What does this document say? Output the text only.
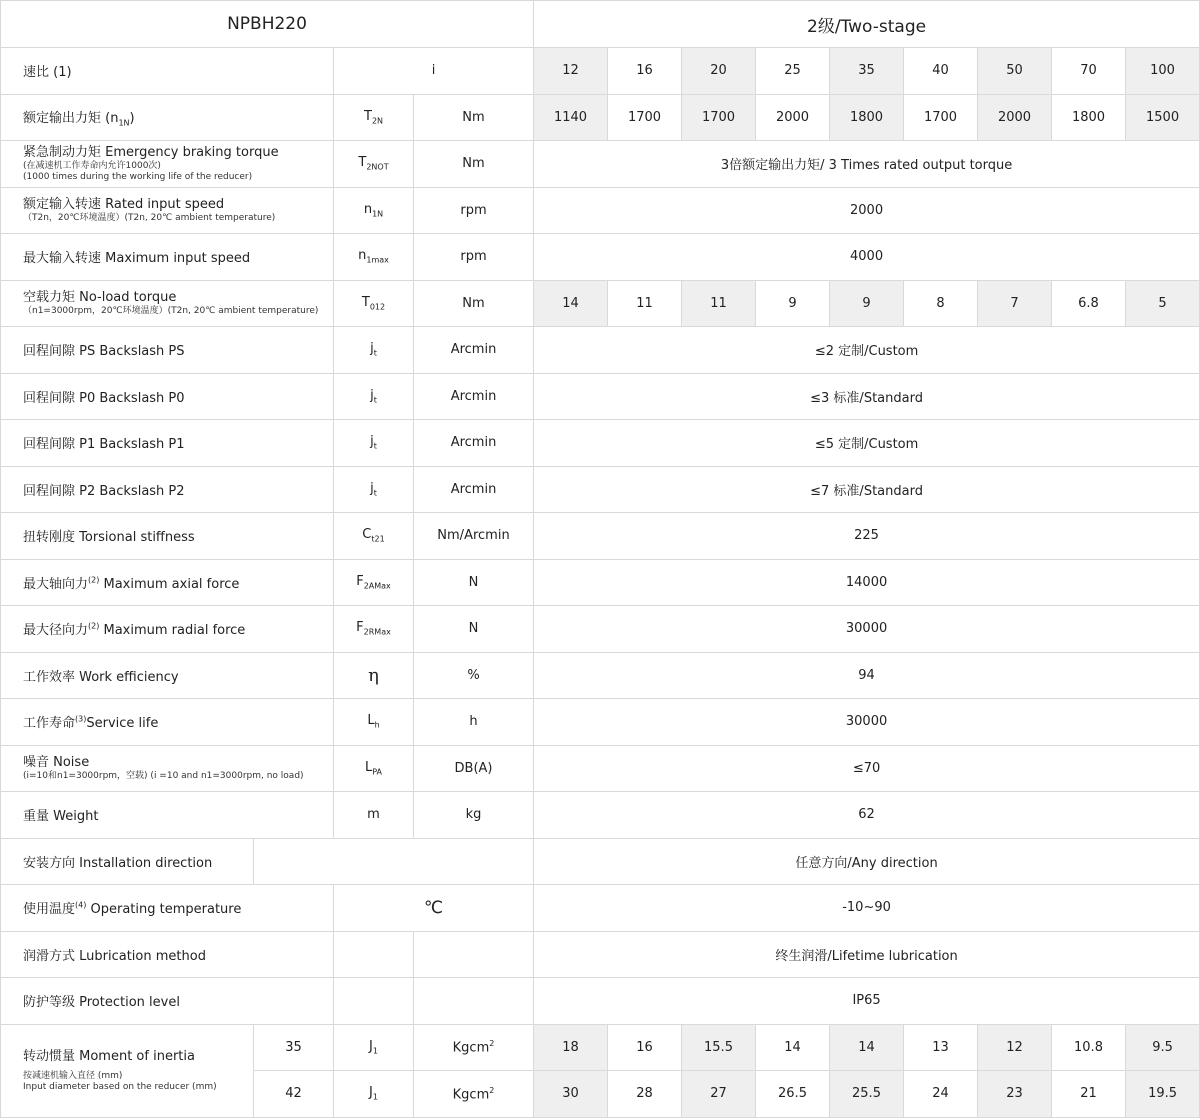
NPBH220				2级/Two-stage								
速比 (1)		i		12	16	20	25	35	40	50	70	100
额定输出力矩 $(n_{1N})$		$T_{2N}$	Nm	1140	1700	1700	2000	1800	1700	2000	1800	1500

紧急制动力矩 Emergency braking torque
(在减速机工作寿命内允许1000次)
(1000 times during the working life of the reducer)		$T_{2NOT}$	Nm	3倍额定输出力矩/ 3 Times rated output torque								

额定输入转速 Rated input speed
（T2n，20℃环境温度）(T2n, 20℃ ambient temperature)		$n_{1N}$	rpm	2000								
最大输入转速 Maximum input speed		$n_{1max}$	rpm	4000								

空载力矩 No-load torque
（n1=3000rpm，20℃环境温度）(T2n, 20℃ ambient temperature)		$T_{012}$	Nm	14	11	11	9	9	8	7	6.8	5
回程间隙 PS Backslash PS		$j_t$	Arcmin	≤2 定制/Custom								
回程间隙 P0 Backslash P0		$j_t$	Arcmin	≤3 标准/Standard								
回程间隙 P1 Backslash P1		$j_t$	Arcmin	≤5 定制/Custom								
回程间隙 P2 Backslash P2		$j_t$	Arcmin	≤7 标准/Standard								
扭转刚度 Torsional stiffness		$C_{t21}$	Nm/Arcmin	225								
最大轴向力$^{(2)}$ Maximum axial force		$F_{2AMax}$	N	14000								
最大径向力$^{(2)}$ Maximum radial force		$F_{2RMax}$	N	30000								
工作效率 Work efficiency		η	%	94								
工作寿命$^{(3)}$Service life		$L_h$	h	30000								

噪音 Noise
(i=10和n1=3000rpm，空载) (i =10 and n1=3000rpm, no load)		$L_{PA}$	DB(A)	≤70								
重量 Weight		m	kg	62								
安装方向 Installation direction				任意方向/Any direction								
使用温度$^{(4)}$ Operating temperature		℃		-10~90								
润滑方式 Lubrication method				终生润滑/Lifetime lubrication								
防护等级 Protection level				IP65								

转动惯量 Moment of inertia
按减速机输入直径 (mm)
Input diameter based on the reducer (mm)	35	$J_1$	Kgcm$^2$	18	16	15.5	14	14	13	12	10.8	9.5
	42	$J_1$	Kgcm$^2$	30	28	27	26.5	25.5	24	23	21	19.5
